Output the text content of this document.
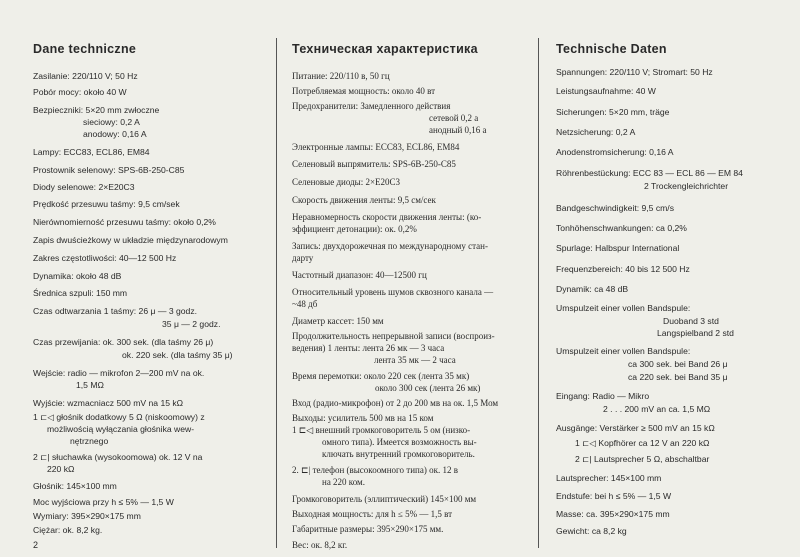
Dane techniczne

Zasilanie: 220/110 V; 50 Hz

Pobór mocy: około 40 W

Bezpieczniki: 5×20 mm zwłoczne

sieciowy: 0,2 A

anodowy: 0,16 A

Lampy: ECC83, ECL86, EM84

Prostownik selenowy: SPS-6B-250-C85

Diody selenowe: 2×E20C3

Prędkość przesuwu taśmy: 9,5 cm/sek

Nierównomierność przesuwu taśmy: około 0,2%

Zapis dwuścieżkowy w układzie międzynarodowym

Zakres częstotliwości: 40—12 500 Hz

Dynamika: około 48 dB

Średnica szpuli: 150 mm

Czas odtwarzania 1 taśmy: 26 μ — 3 godz.

35 μ — 2 godz.

Czas przewijania: ok. 300 sek. (dla taśmy 26 μ)

ok. 220 sek. (dla taśmy 35 μ)

Wejście: radio — mikrofon 2—200 mV na ok.

1,5 MΩ

Wyjście: wzmacniacz 500 mV na 15 kΩ

1 ⊏◁ głośnik dodatkowy 5 Ω (niskoomowy) z

możliwością wyłączania głośnika wew-

nętrznego

2 ⊏| słuchawka (wysokoomowa) ok. 12 V na

220 kΩ

Głośnik: 145×100 mm

Moc wyjściowa przy h ≤ 5% — 1,5 W

Wymiary: 395×290×175 mm

Ciężar: ok. 8,2 kg.

Техническая характеристика

Питание: 220/110 в, 50 гц

Потребляемая мощность: около 40 вт

Предохранители: Замедленного действия

сетевой 0,2 а

анодный 0,16 а

Электронные лампы: ЕСС83, ЕСL86, ЕМ84

Селеновый выпрямитель: SPS-6B-250-C85

Селеновые диоды: 2×E20C3

Скорость движения ленты: 9,5 см/сек

Неравномерность скорости движения ленты: (ко-

эффициент детонации): ок. 0,2%

Запись: двухдорожечная по международному стан-

дарту

Частотный диапазон: 40—12500 гц

Относительный уровень шумов сквозного канала —

~48 дб

Диаметр кассет: 150 мм

Продолжительность непрерывной записи (воспроиз-

ведения) 1 ленты: лента 26 мк — 3 часа

лента 35 мк — 2 часа

Время перемотки: около 220 сек (лента 35 мк)

около 300 сек (лента 26 мк)

Вход (радио-микрофон) от 2 до 200 мв на ок. 1,5 Мом

Выходы: усилитель 500 мв на 15 ком

1 ⊏◁ внешний громкоговоритель 5 ом (низко-

омного типа). Имеется возможность вы-

ключать внутренний громкоговоритель.

2. ⊏| телефон (высокоомного типа) ок. 12 в

на 220 ком.

Громкоговоритель (эллиптический) 145×100 мм

Выходная мощность: для h ≤ 5% — 1,5 вт

Габаритные размеры: 395×290×175 мм.

Вес: ок. 8,2 кг.

Technische Daten

Spannungen: 220/110 V; Stromart: 50 Hz

Leistungsaufnahme: 40 W

Sicherungen: 5×20 mm, träge

Netzsicherung: 0,2 A

Anodenstromsicherung: 0,16 A

Röhrenbestückung: ECC 83 — ECL 86 — EM 84

2 Trockengleichrichter

Bandgeschwindigkeit: 9,5 cm/s

Tonhöhenschwankungen: ca 0,2%

Spurlage: Halbspur International

Frequenzbereich: 40 bis 12 500 Hz

Dynamik: ca 48 dB

Umspulzeit einer vollen Bandspule:

Duoband 3 std

Langspielband 2 std

Umspulzeit einer vollen Bandspule:

ca 300 sek. bei Band 26 μ

ca 220 sek. bei Band 35 μ

Eingang: Radio — Mikro

2 . . . 200 mV an ca. 1,5 MΩ

Ausgänge: Verstärker ≥ 500 mV an 15 kΩ

1 ⊏◁ Kopfhörer ca 12 V an 220 kΩ

2 ⊏| Lautsprecher 5 Ω, abschaltbar

Lautsprecher: 145×100 mm

Endstufe: bei h ≤ 5% — 1,5 W

Masse: ca. 395×290×175 mm

Gewicht: ca 8,2 kg

2
